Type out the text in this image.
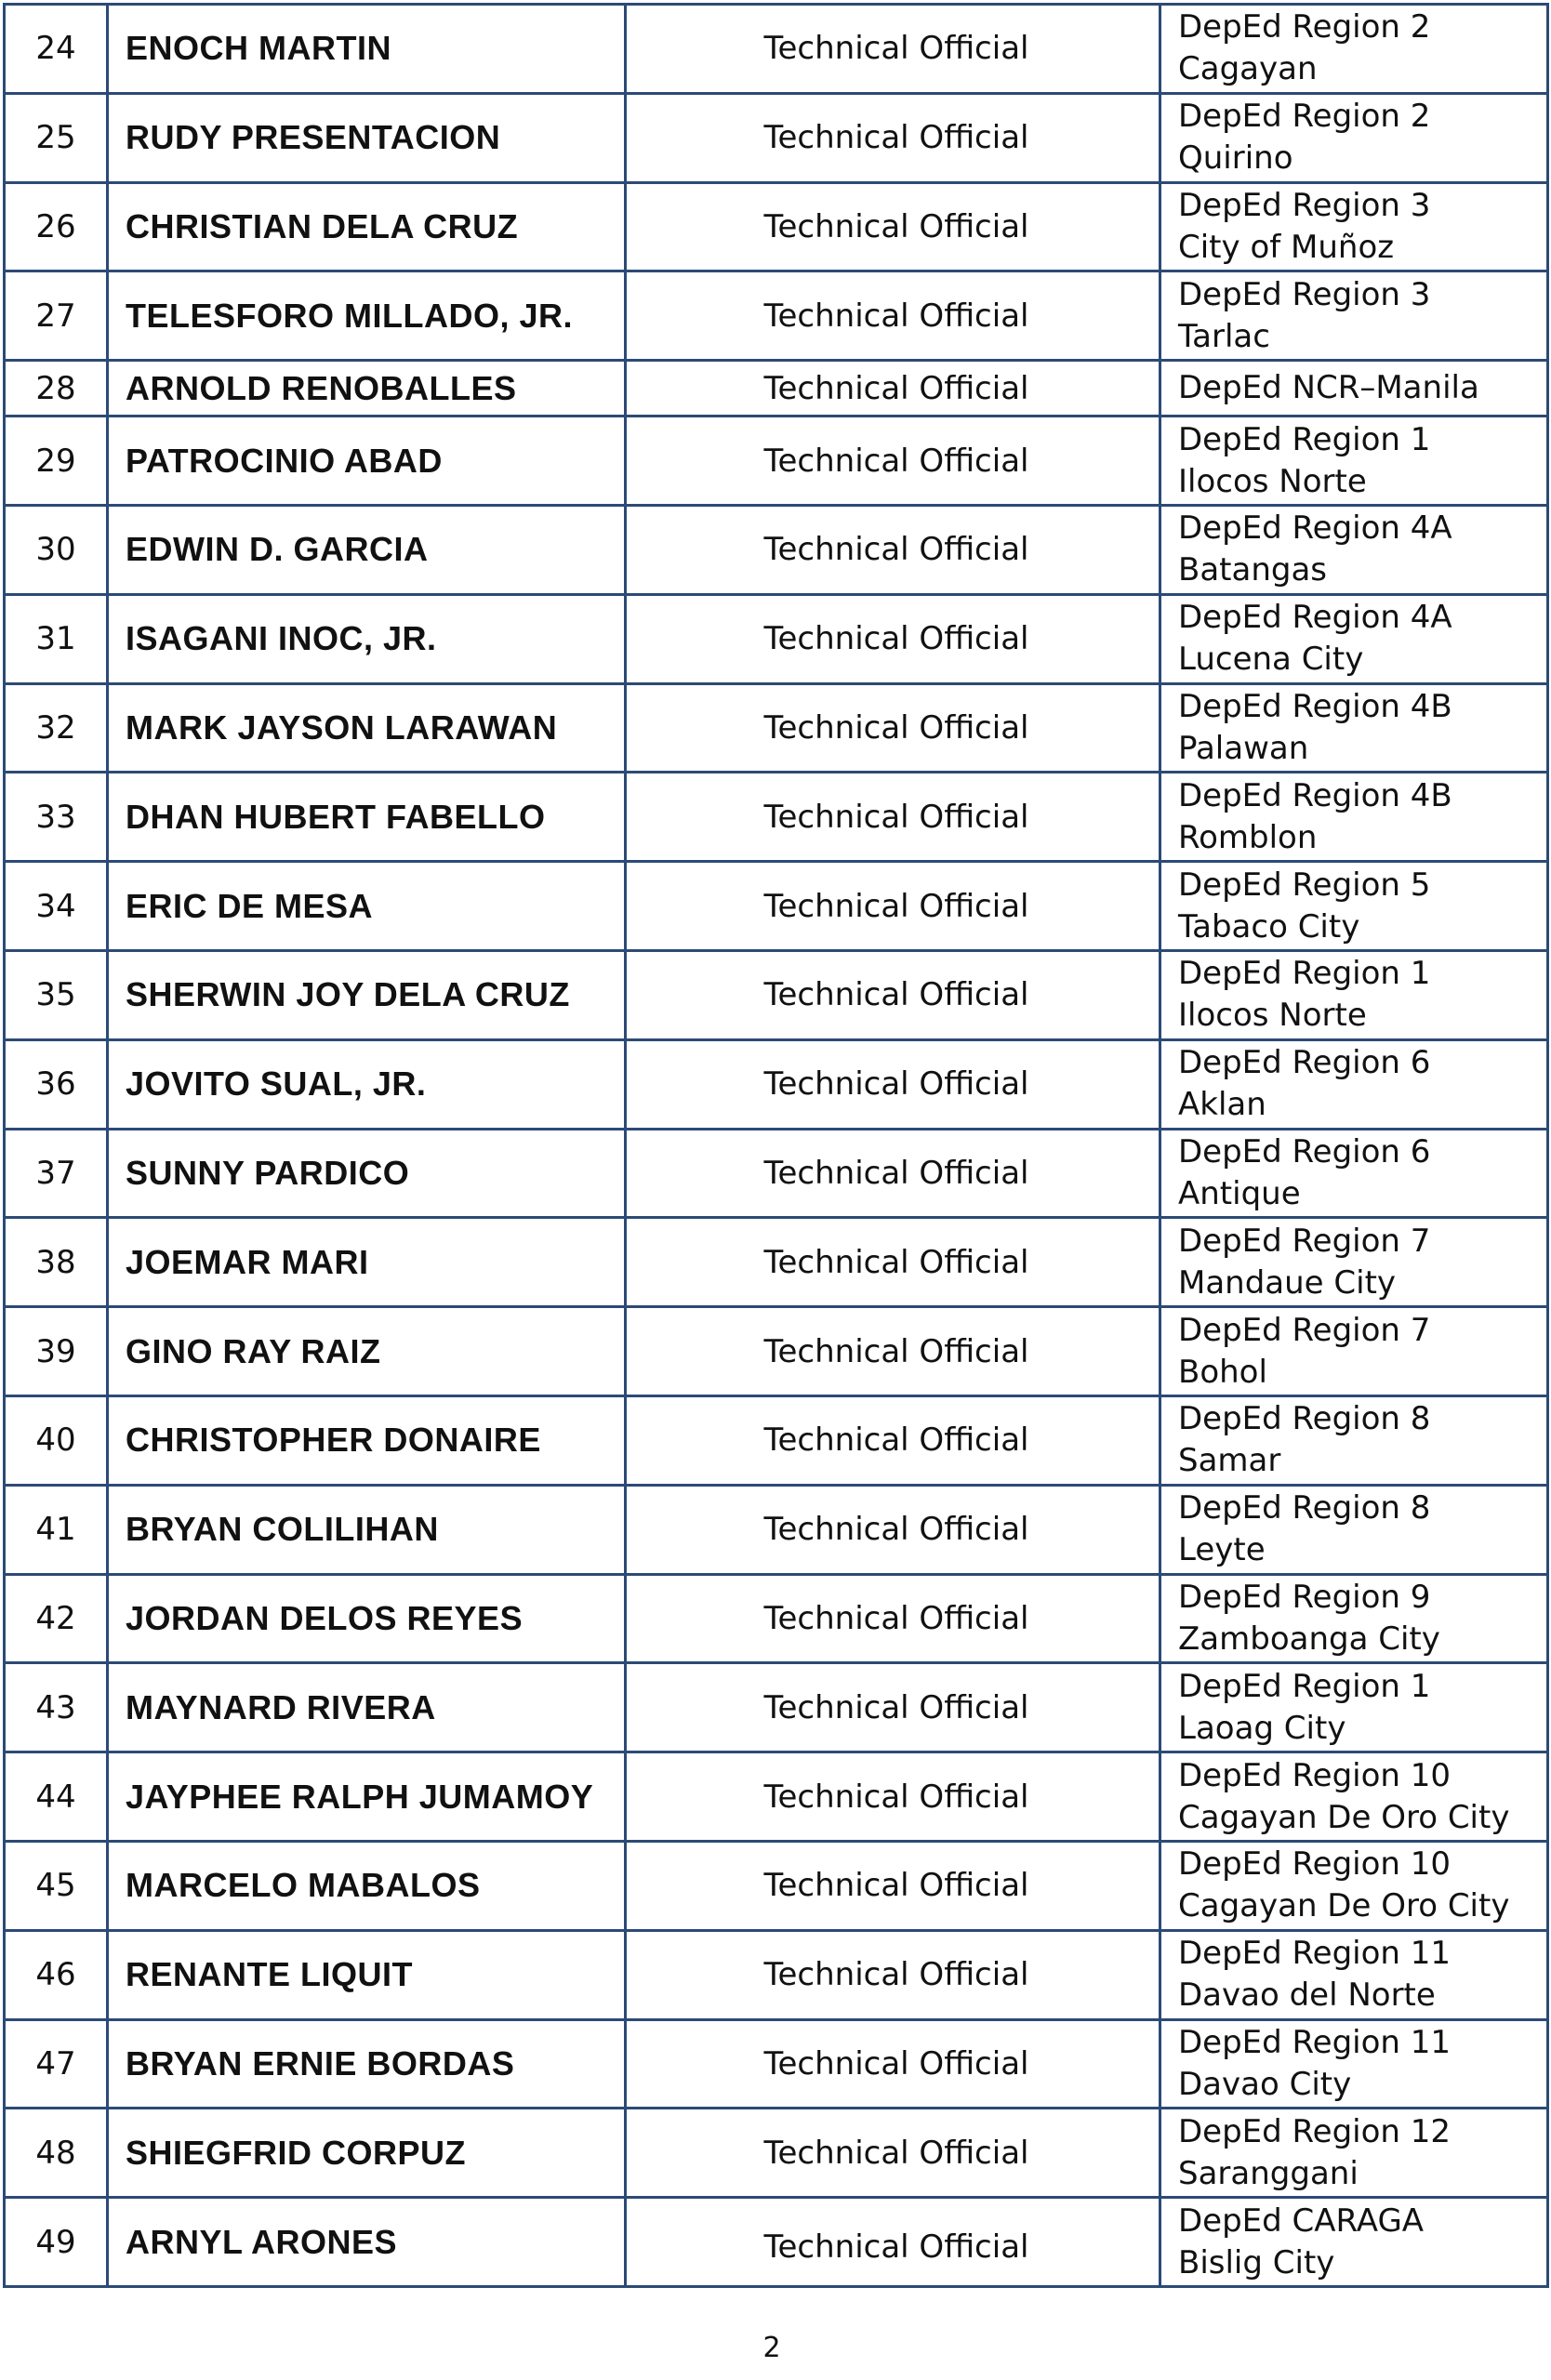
24	ENOCH MARTIN	Technical Official	DepEd Region 2
Cagayan

25	RUDY PRESENTACION	Technical Official	DepEd Region 2
Quirino

26	CHRISTIAN DELA CRUZ	Technical Official	DepEd Region 3
City of Muñoz

27	TELESFORO MILLADO, JR.	Technical Official	DepEd Region 3
Tarlac

28	ARNOLD RENOBALLES	Technical Official	DepEd NCR–Manila

29	PATROCINIO ABAD	Technical Official	DepEd Region 1
Ilocos Norte

30	EDWIN D. GARCIA	Technical Official	DepEd Region 4A
Batangas

31	ISAGANI INOC, JR.	Technical Official	DepEd Region 4A
Lucena City

32	MARK JAYSON LARAWAN	Technical Official	DepEd Region 4B
Palawan

33	DHAN HUBERT FABELLO	Technical Official	DepEd Region 4B
Romblon

34	ERIC DE MESA	Technical Official	DepEd Region 5
Tabaco City

35	SHERWIN JOY DELA CRUZ	Technical Official	DepEd Region 1
Ilocos Norte

36	JOVITO SUAL, JR.	Technical Official	DepEd Region 6
Aklan

37	SUNNY PARDICO	Technical Official	DepEd Region 6
Antique

38	JOEMAR MARI	Technical Official	DepEd Region 7
Mandaue City

39	GINO RAY RAIZ	Technical Official	DepEd Region 7
Bohol

40	CHRISTOPHER DONAIRE	Technical Official	DepEd Region 8
Samar

41	BRYAN COLILIHAN	Technical Official	DepEd Region 8
Leyte

42	JORDAN DELOS REYES	Technical Official	DepEd Region 9
Zamboanga City

43	MAYNARD RIVERA	Technical Official	DepEd Region 1
Laoag City

44	JAYPHEE RALPH JUMAMOY	Technical Official	DepEd Region 10
Cagayan De Oro City

45	MARCELO MABALOS	Technical Official	DepEd Region 10
Cagayan De Oro City

46	RENANTE LIQUIT	Technical Official	DepEd Region 11
Davao del Norte

47	BRYAN ERNIE BORDAS	Technical Official	DepEd Region 11
Davao City

48	SHIEGFRID CORPUZ	Technical Official	DepEd Region 12
Saranggani

49	ARNYL ARONES	Technical Official	DepEd CARAGA
Bislig City
2
